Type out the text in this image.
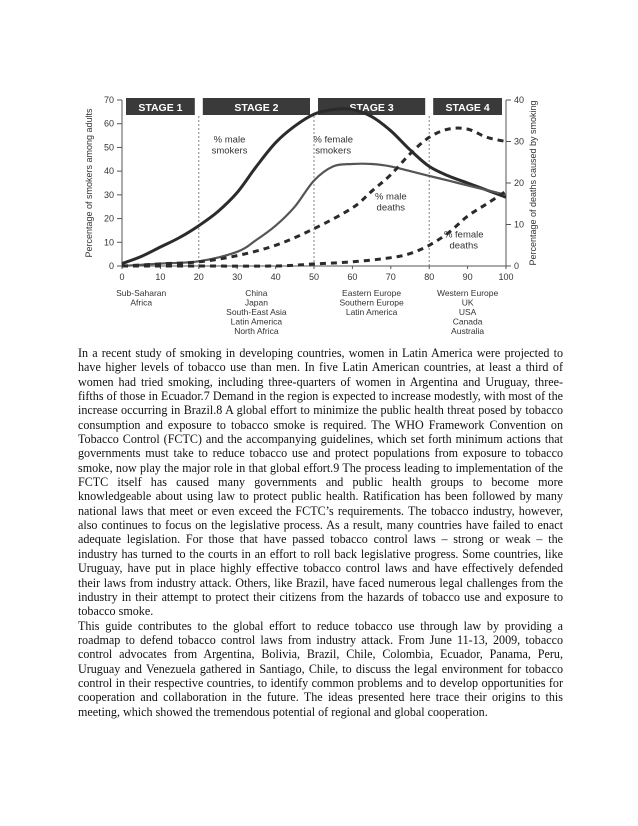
STAGE 1	STAGE 2	STAGE 3	STAGE 4
0	10	20	30	40	50	60	70	80	90	100
0
10
20
30
40
50
60
70
0
10
20
30
40
Percentage of smokers among adults	Percentage of deaths caused by smoking
% male smokers
% female smokers
% male deaths
% female deaths
Sub-Saharan Africa
China Japan South-East Asia Latin America North Africa
Eastern Europe Southern Europe Latin America
Western Europe UK USA Canada Australia

In a recent study of smoking in developing countries, women in Latin America were projected to have higher levels of tobacco use than men. In five Latin American countries, at least a third of women had tried smoking, including three-quarters of women in Argentina and Uruguay, three-fifths of those in Ecuador.7 Demand in the region is expected to increase modestly, with most of the increase occurring in Brazil.8 A global effort to minimize the public health threat posed by tobacco consumption and exposure to tobacco smoke is required. The WHO Framework Convention on Tobacco Control (FCTC) and the accompanying guidelines, which set forth minimum actions that governments must take to reduce tobacco use and protect populations from exposure to tobacco smoke, now play the major role in that global effort.9 The process leading to implementation of the FCTC itself has caused many governments and public health groups to become more knowledgeable about using law to protect public health. Ratification has been followed by many national laws that meet or even exceed the FCTC’s requirements. The tobacco industry, however, also continues to focus on the legislative process. As a result, many countries have failed to enact adequate legislation. For those that have passed tobacco control laws – strong or weak – the industry has turned to the courts in an effort to roll back legislative progress. Some countries, like Uruguay, have put in place highly effective tobacco control laws and have effectively defended their laws from industry attack. Others, like Brazil, have faced numerous legal challenges from the industry in their attempt to protect their citizens from the hazards of tobacco use and exposure to tobacco smoke.

This guide contributes to the global effort to reduce tobacco use through law by providing a roadmap to defend tobacco control laws from industry attack. From June 11-13, 2009, tobacco control advocates from Argentina, Bolivia, Brazil, Chile, Colombia, Ecuador, Panama, Peru, Uruguay and Venezuela gathered in Santiago, Chile, to discuss the legal environment for tobacco control in their respective countries, to identify common problems and to develop opportunities for cooperation and collaboration in the future. The ideas presented here trace their origins to this meeting, which showed the tremendous potential of regional and global cooperation.
